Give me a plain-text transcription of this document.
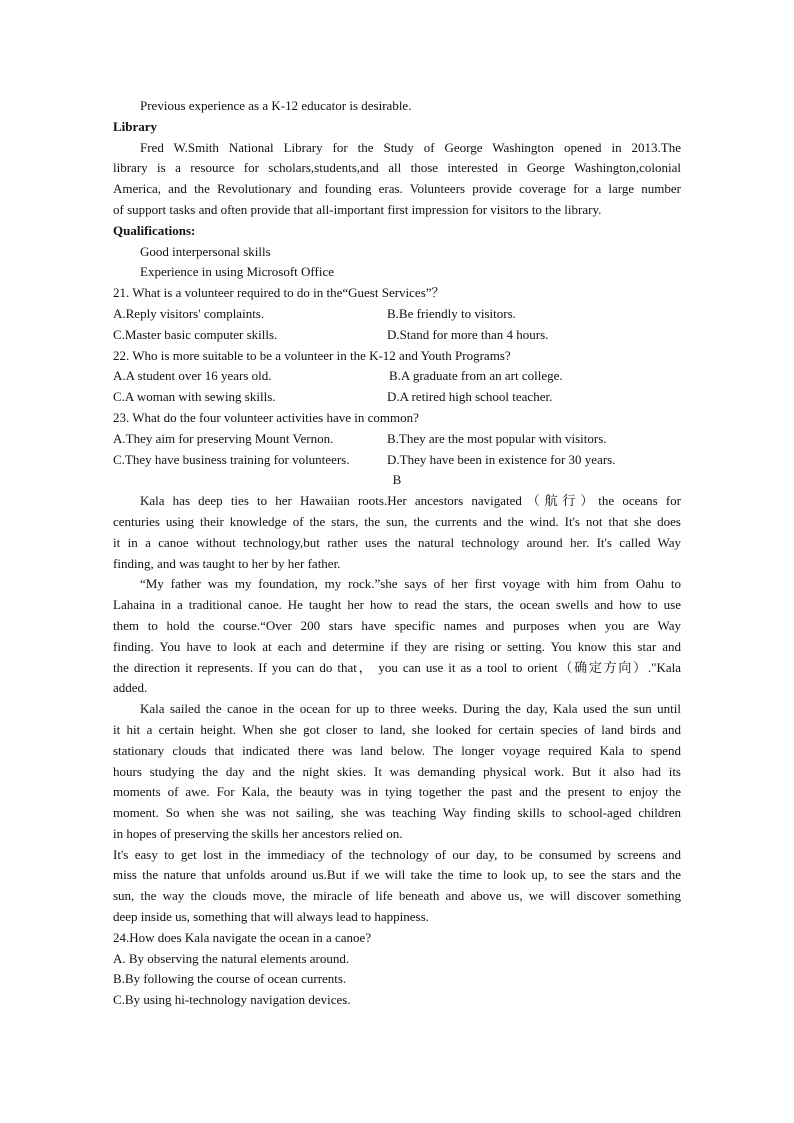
Previous experience as a K-12 educator is desirable.
Library
Fred W.Smith National Library for the Study of George Washington opened in 2013.The
library is a resource for scholars,students,and all those interested in George Washington,colonial
America, and the Revolutionary and founding eras. Volunteers provide coverage for a large number
of support tasks and often provide that all-important first impression for visitors to the library.
Qualifications:
Good interpersonal skills
Experience in using Microsoft Office
21. What is a volunteer required to do in the“Guest Services”？
A.Reply visitors' complaints.	B.Be friendly to visitors.
C.Master basic computer skills.	D.Stand for more than 4 hours.
22. Who is more suitable to be a volunteer in the K-12 and Youth Programs?
A.A student over 16 years old.	B.A graduate from an art college.
C.A woman with sewing skills.	D.A retired high school teacher.
23. What do the four volunteer activities have in common?
A.They aim for preserving Mount Vernon.	B.They are the most popular with visitors.
C.They have business training for volunteers.	D.They have been in existence for 30 years.
B
Kala has deep ties to her Hawaiian roots.Her ancestors navigated（航行）the oceans for
centuries using their knowledge of the stars, the sun, the currents and the wind. It's not that she does
it in a canoe without technology,but rather uses the natural technology around her. It's called Way
finding, and was taught to her by her father.
“My father was my foundation, my rock.”she says of her first voyage with him from Oahu to
Lahaina in a traditional canoe. He taught her how to read the stars, the ocean swells and how to use
them to hold the course.“Over 200 stars have specific names and purposes when you are Way
finding. You have to look at each and determine if they are rising or setting. You know this star and
the direction it represents. If you can do that， you can use it as a tool to orient（确定方向）."Kala
added.
Kala sailed the canoe in the ocean for up to three weeks. During the day, Kala used the sun until
it hit a certain height. When she got closer to land, she looked for certain species of land birds and
stationary clouds that indicated there was land below. The longer voyage required Kala to spend
hours studying the day and the night skies. It was demanding physical work. But it also had its
moments of awe. For Kala, the beauty was in tying together the past and the present to enjoy the
moment. So when she was not sailing, she was teaching Way finding skills to school-aged children
in hopes of preserving the skills her ancestors relied on.
It's easy to get lost in the immediacy of the technology of our day, to be consumed by screens and
miss the nature that unfolds around us.But if we will take the time to look up, to see the stars and the
sun, the way the clouds move, the miracle of life beneath and above us, we will discover something
deep inside us, something that will always lead to happiness.
24.How does Kala navigate the ocean in a canoe?
A. By observing the natural elements around.
B.By following the course of ocean currents.
C.By using hi-technology navigation devices.
